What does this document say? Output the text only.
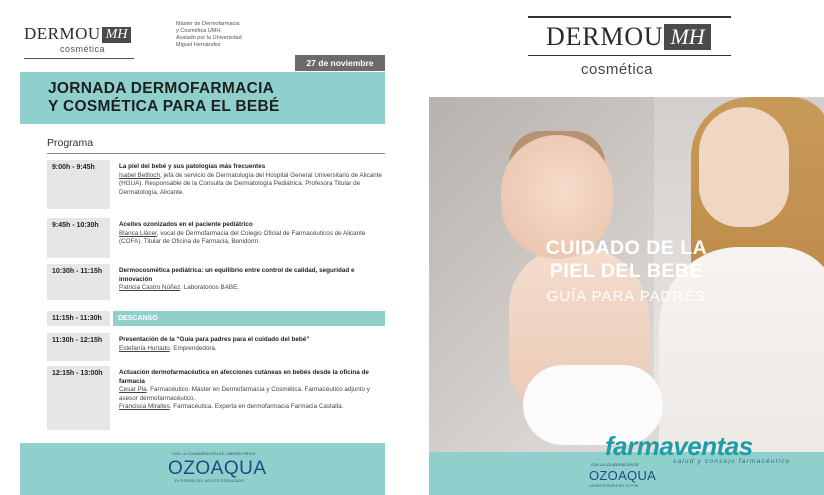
DERMOU MH
cosmética
Máster de Dermofarmacia
y Cosmética UMH.
Avalado por la Universidad
Miguel Hernández
27 de noviembre
JORNADA DERMOFARMACIA
Y COSMÉTICA PARA EL BEBÉ
Programa
9:00h - 9:45h	La piel del bebé y sus patologías más frecuentes
Isabel Betlloch, jefa de servicio de Dermatología del Hospital General Universitario de Alicante (HGUA). Responsable de la Consulta de Dermatología Pediátrica. Profesora Titular de Dermatología, Alicante.
9:45h - 10:30h	Aceites ozonizados en el paciente pediátrico
Blanca Llácer, vocal de Dermofarmacia del Colegio Oficial de Farmacéuticos de Alicante (COFA). Titular de Oficina de Farmacia, Benidorm.
10:30h - 11:15h	Dermocosmética pediátrica: un equilibrio entre control de calidad, seguridad e innovación
Patricia Castro Núñez. Laboratorios BABE.
11:15h - 11:30h	DESCANSO
11:30h - 12:15h	Presentación de la “Guía para padres para el cuidado del bebé”
Estefanía Hurtado. Emprendedora.
12:15h - 13:00h	Actuación dermofarmacéutica en afecciones cutáneas en bebés desde la oficina de farmacia
Cesar Pla. Farmacéutico. Máster en Dermofarmacia y Cosmética. Farmacéutico adjunto y asesor dermofarmacéutico.
Francisca Miralles. Farmacéutica. Experta en dermofarmacia Farmacia Castalla.
CON LA COLABORACIÓN DE LABORATORIOS
OZOAQUA
EL PODER DEL ACEITE OZONIZADO
DERMOU MH
cosmética
CUIDADO DE LA
PIEL DEL BEBÉ
GUÍA PARA PADRES
farmaventas
salud y consejo farmacéutico
CON LA COLABORACIÓN DE
OZOAQUA
OZONOTERAPIA EN TU PIEL
